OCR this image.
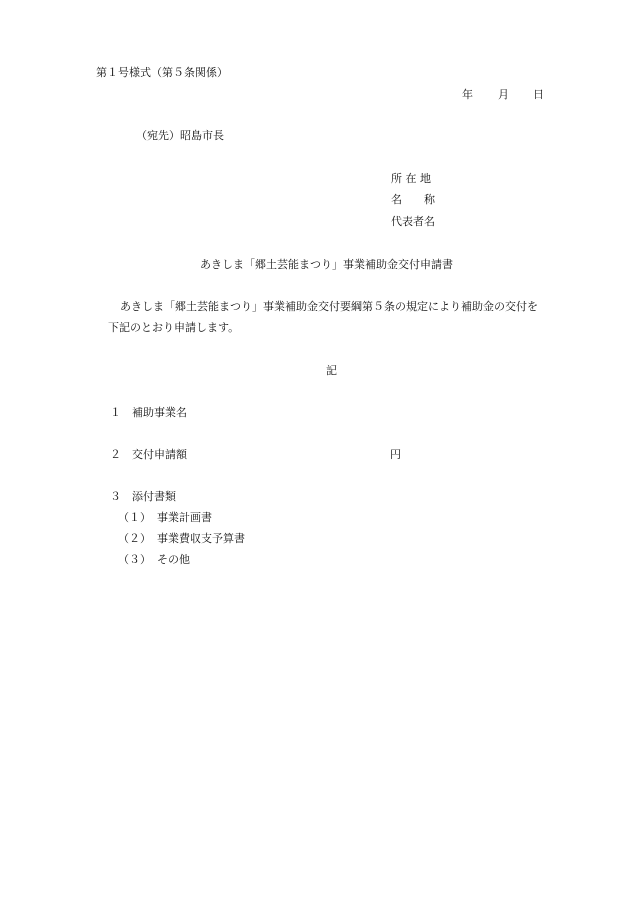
第１号様式（第５条関係）
年 月 日
（宛先）昭島市長
所 在 地
名　　称
代表者名
あきしま「郷土芸能まつり」事業補助金交付申請書
あきしま「郷土芸能まつり」事業補助金交付要綱第５条の規定により補助金の交付を
下記のとおり申請します。
記
１ 補助事業名
２ 交付申請額	円
３ 添付書類
（１） 事業計画書
（２） 事業費収支予算書
（３） その他
